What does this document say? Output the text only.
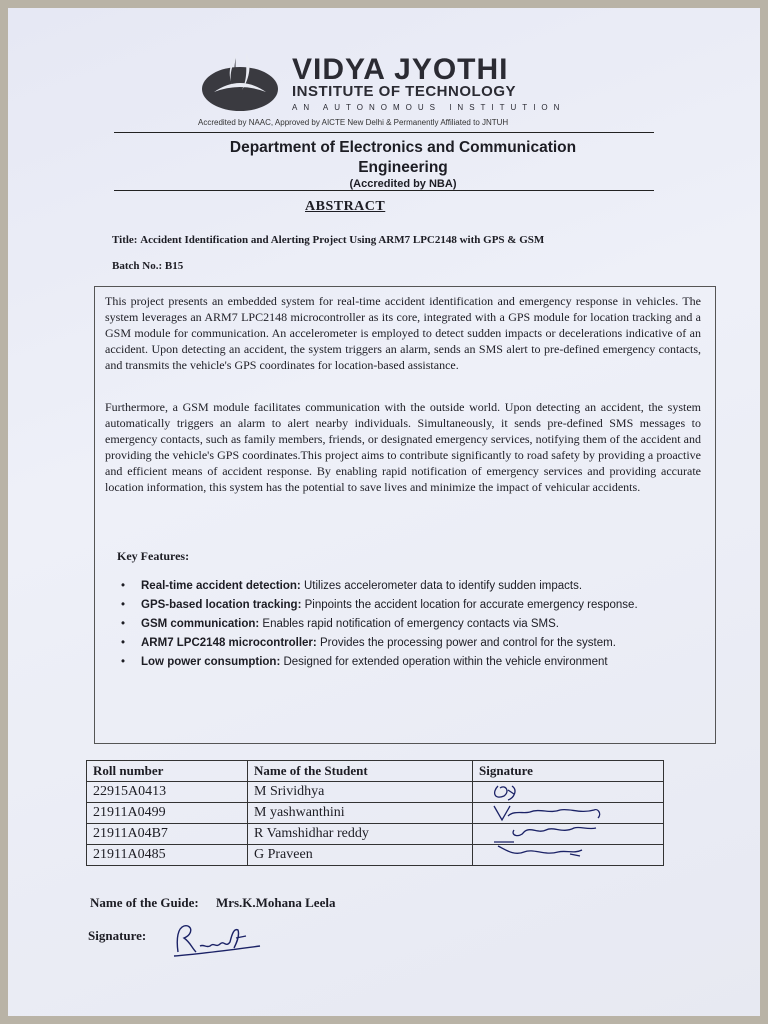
VIDYA JYOTHI
INSTITUTE OF TECHNOLOGY
AN AUTONOMOUS INSTITUTION
Accredited by NAAC, Approved by AICTE New Delhi & Permanently Affiliated to JNTUH
Department of Electronics and Communication
Engineering
(Accredited by NBA)
ABSTRACT
Title: Accident Identification and Alerting Project Using ARM7 LPC2148 with GPS & GSM
Batch No.: B15
This project presents an embedded system for real-time accident identification and emergency response in vehicles. The system leverages an ARM7 LPC2148 microcontroller as its core, integrated with a GPS module for location tracking and a GSM module for communication. An accelerometer is employed to detect sudden impacts or decelerations indicative of an accident. Upon detecting an accident, the system triggers an alarm, sends an SMS alert to pre-defined emergency contacts, and transmits the vehicle's GPS coordinates for location-based assistance.
Furthermore, a GSM module facilitates communication with the outside world. Upon detecting an accident, the system automatically triggers an alarm to alert nearby individuals. Simultaneously, it sends pre-defined SMS messages to emergency contacts, such as family members, friends, or designated emergency services, notifying them of the accident and providing the vehicle's GPS coordinates.This project aims to contribute significantly to road safety by providing a proactive and efficient means of accident response. By enabling rapid notification of emergency services and providing accurate location information, this system has the potential to save lives and minimize the impact of vehicular accidents.
Key Features:
• Real-time accident detection: Utilizes accelerometer data to identify sudden impacts.
• GPS-based location tracking: Pinpoints the accident location for accurate emergency response.
• GSM communication: Enables rapid notification of emergency contacts via SMS.
• ARM7 LPC2148 microcontroller: Provides the processing power and control for the system.
• Low power consumption: Designed for extended operation within the vehicle environment
Roll number	Name of the Student	Signature
22915A0413	M Srividhya	
21911A0499	M yashwanthini	
21911A04B7	R Vamshidhar reddy	
21911A0485	G Praveen	
Name of the Guide: Mrs.K.Mohana Leela
Signature:
